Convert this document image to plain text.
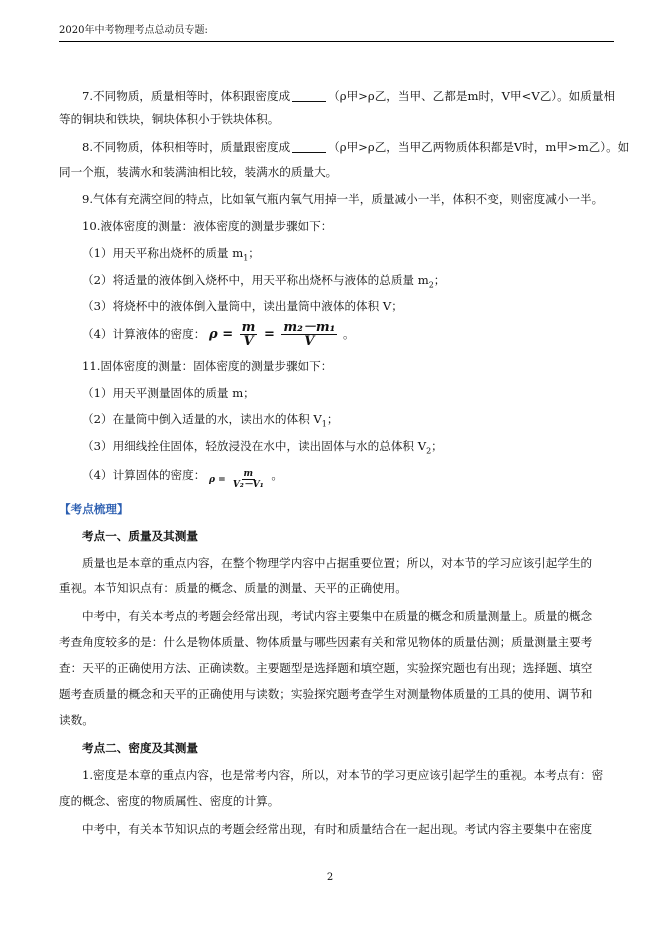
2020年中考物理考点总动员专题:
7.不同物质，质量相等时，体积跟密度成	（ρ甲>ρ乙，当甲、乙都是m时，V甲<V乙）。如质量相
等的铜块和铁块，铜块体积小于铁块体积。
8.不同物质，体积相等时，质量跟密度成	（ρ甲>ρ乙，当甲乙两物质体积都是V时，m甲>m乙）。如
同一个瓶，装满水和装满油相比较，装满水的质量大。
9.气体有充满空间的特点，比如氧气瓶内氧气用掉一半，质量减小一半，体积不变，则密度减小一半。
10.液体密度的测量：液体密度的测量步骤如下：
（1）用天平称出烧杯的质量 $m_1$；
（2）将适量的液体倒入烧杯中，用天平称出烧杯与液体的总质量 $m_2$；
（3）将烧杯中的液体倒入量筒中，读出量筒中液体的体积 V；
（4）计算液体的密度： $\rho = \frac{m}{V} = \frac{\text{m₂－m₁}}{V}$ 。
11.固体密度的测量：固体密度的测量步骤如下：
（1）用天平测量固体的质量 m；
（2）在量筒中倒入适量的水，读出水的体积 $V_1$；
（3）用细线拴住固体，轻放浸没在水中，读出固体与水的总体积 $V_2$；
（4）计算固体的密度： $\rho = \frac{m}{\text{V₂－V₁}}$ 。
【考点梳理】
考点一、质量及其测量
质量也是本章的重点内容，在整个物理学内容中占据重要位置；所以，对本节的学习应该引起学生的
重视。本节知识点有：质量的概念、质量的测量、天平的正确使用。
中考中，有关本考点的考题会经常出现，考试内容主要集中在质量的概念和质量测量上。质量的概念
考查角度较多的是：什么是物体质量、物体质量与哪些因素有关和常见物体的质量估测；质量测量主要考
查：天平的正确使用方法、正确读数。主要题型是选择题和填空题，实验探究题也有出现；选择题、填空
题考查质量的概念和天平的正确使用与读数；实验探究题考查学生对测量物体质量的工具的使用、调节和
读数。
考点二、密度及其测量
1.密度是本章的重点内容，也是常考内容，所以，对本节的学习更应该引起学生的重视。本考点有：密
度的概念、密度的物质属性、密度的计算。
中考中，有关本节知识点的考题会经常出现，有时和质量结合在一起出现。考试内容主要集中在密度
2
